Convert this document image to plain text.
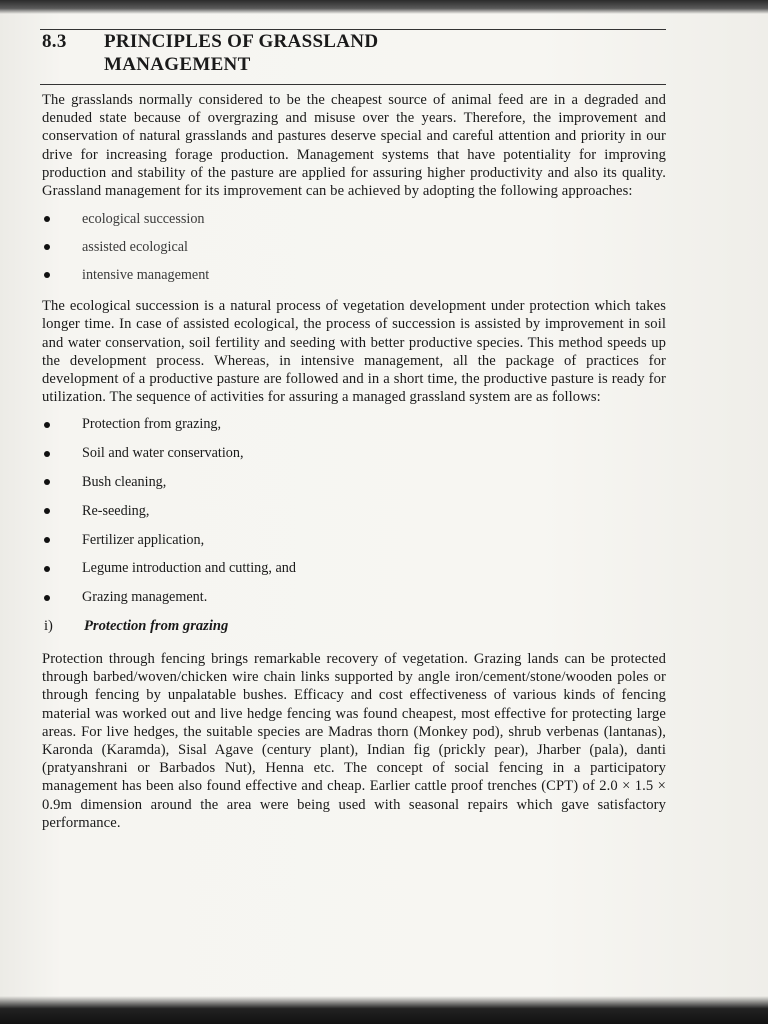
8.3 PRINCIPLES OF GRASSLAND
MANAGEMENT

The grasslands normally considered to be the cheapest source of animal feed are in a degraded and denuded state because of overgrazing and misuse over the years. Therefore, the improvement and conservation of natural grasslands and pastures deserve special and careful attention and priority in our drive for increasing forage production. Management systems that have potentiality for improving production and stability of the pasture are applied for assuring higher productivity and also its quality. Grassland management for its improvement can be achieved by adopting the following approaches:

ecological succession
assisted ecological
intensive management

The ecological succession is a natural process of vegetation development under protection which takes longer time. In case of assisted ecological, the process of succession is assisted by improvement in soil and water conservation, soil fertility and seeding with better productive species. This method speeds up the development process. Whereas, in intensive management, all the package of practices for development of a productive pasture are followed and in a short time, the productive pasture is ready for utilization. The sequence of activities for assuring a managed grassland system are as follows:

Protection from grazing,
Soil and water conservation,
Bush cleaning,
Re-seeding,
Fertilizer application,
Legume introduction and cutting, and
Grazing management.
i) Protection from grazing

Protection through fencing brings remarkable recovery of vegetation. Grazing lands can be protected through barbed/woven/chicken wire chain links supported by angle iron/cement/stone/wooden poles or through fencing by unpalatable bushes. Efficacy and cost effectiveness of various kinds of fencing material was worked out and live hedge fencing was found cheapest, most effective for protecting large areas. For live hedges, the suitable species are Madras thorn (Monkey pod), shrub verbenas (lantanas), Karonda (Karamda), Sisal Agave (century plant), Indian fig (prickly pear), Jharber (pala), danti (pratyanshrani or Barbados Nut), Henna etc. The concept of social fencing in a participatory management has been also found effective and cheap. Earlier cattle proof trenches (CPT) of 2.0 × 1.5 × 0.9m dimension around the area were being used with seasonal repairs which gave satisfactory performance.
